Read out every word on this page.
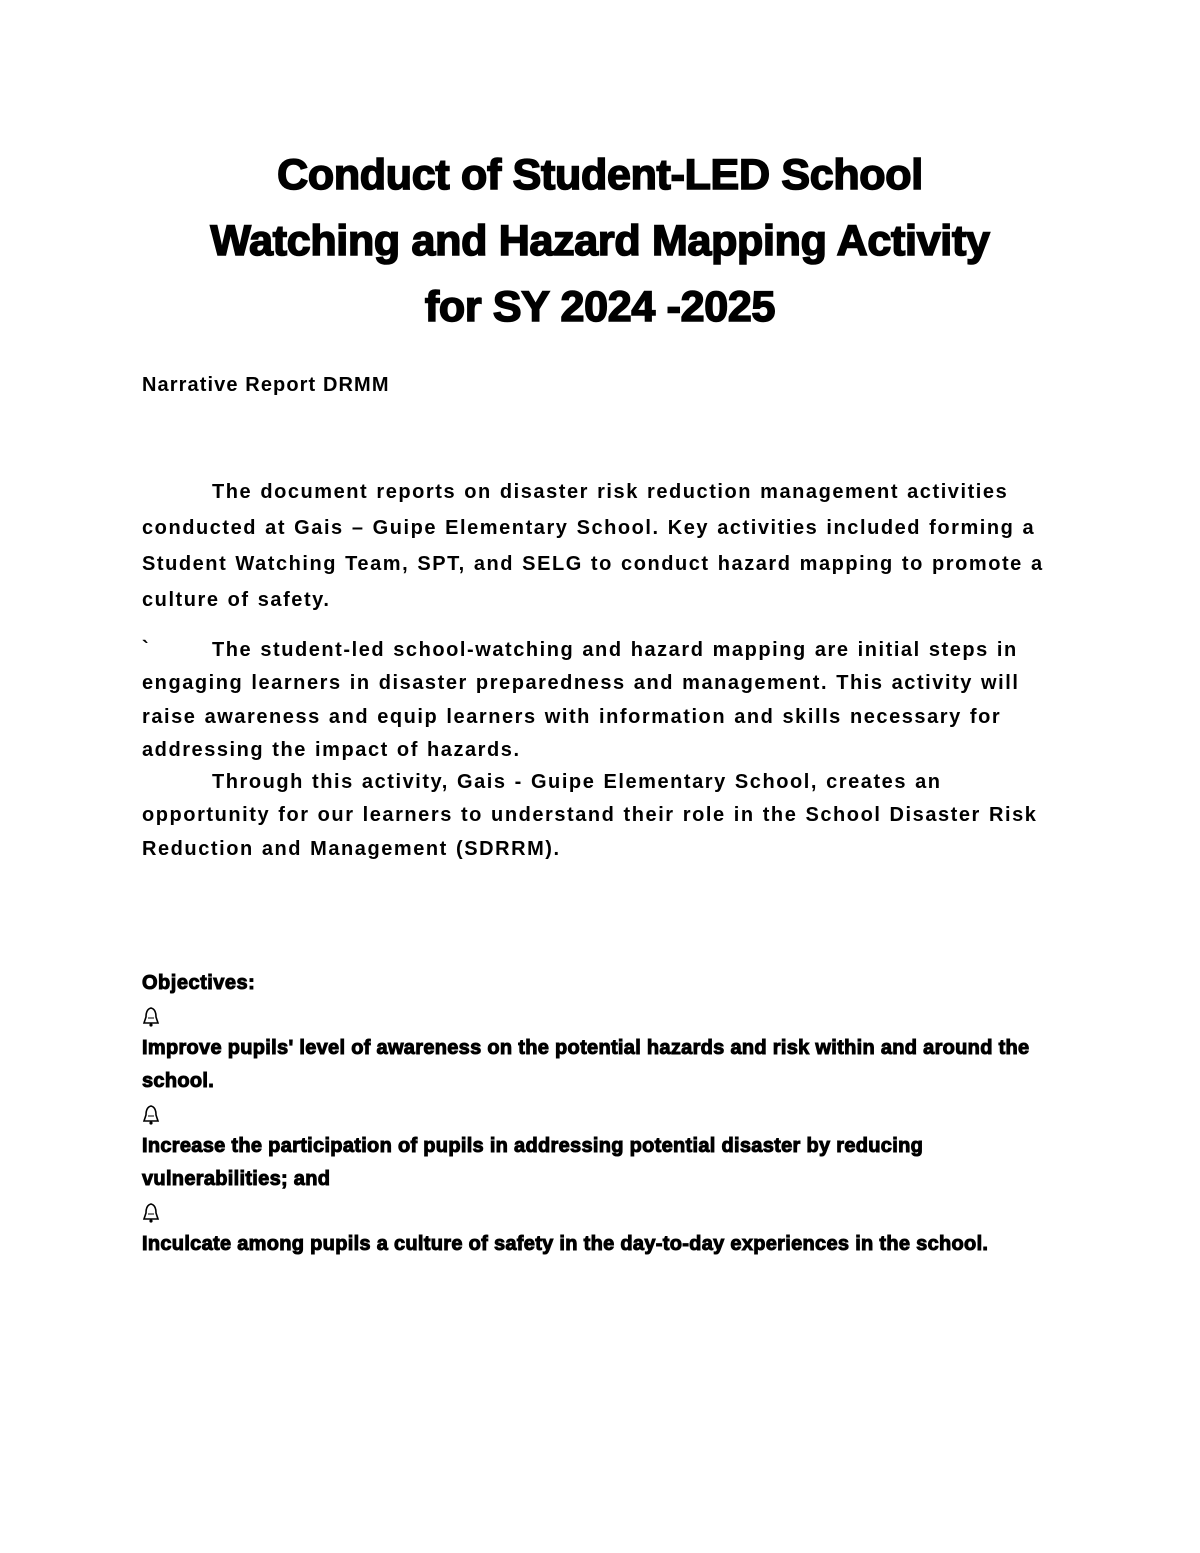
Conduct of Student-LED School
Watching and Hazard Mapping Activity
for SY 2024 -2025

Narrative Report DRMM

The document reports on disaster risk reduction management activities conducted at Gais – Guipe Elementary School. Key activities included forming a Student Watching Team, SPT, and SELG to conduct hazard mapping to promote a culture of safety.

`	The student-led school-watching and hazard mapping are initial steps in engaging learners in disaster preparedness and management. This activity will raise awareness and equip learners with information and skills necessary for addressing the impact of hazards.

Through this activity, Gais - Guipe Elementary School, creates an opportunity for our learners to understand their role in the School Disaster Risk Reduction and Management (SDRRM).

Objectives:

Improve pupils' level of awareness on the potential hazards and risk within and around the school.
Increase the participation of pupils in addressing potential disaster by reducing vulnerabilities; and
Inculcate among pupils a culture of safety in the day-to-day experiences in the school.
